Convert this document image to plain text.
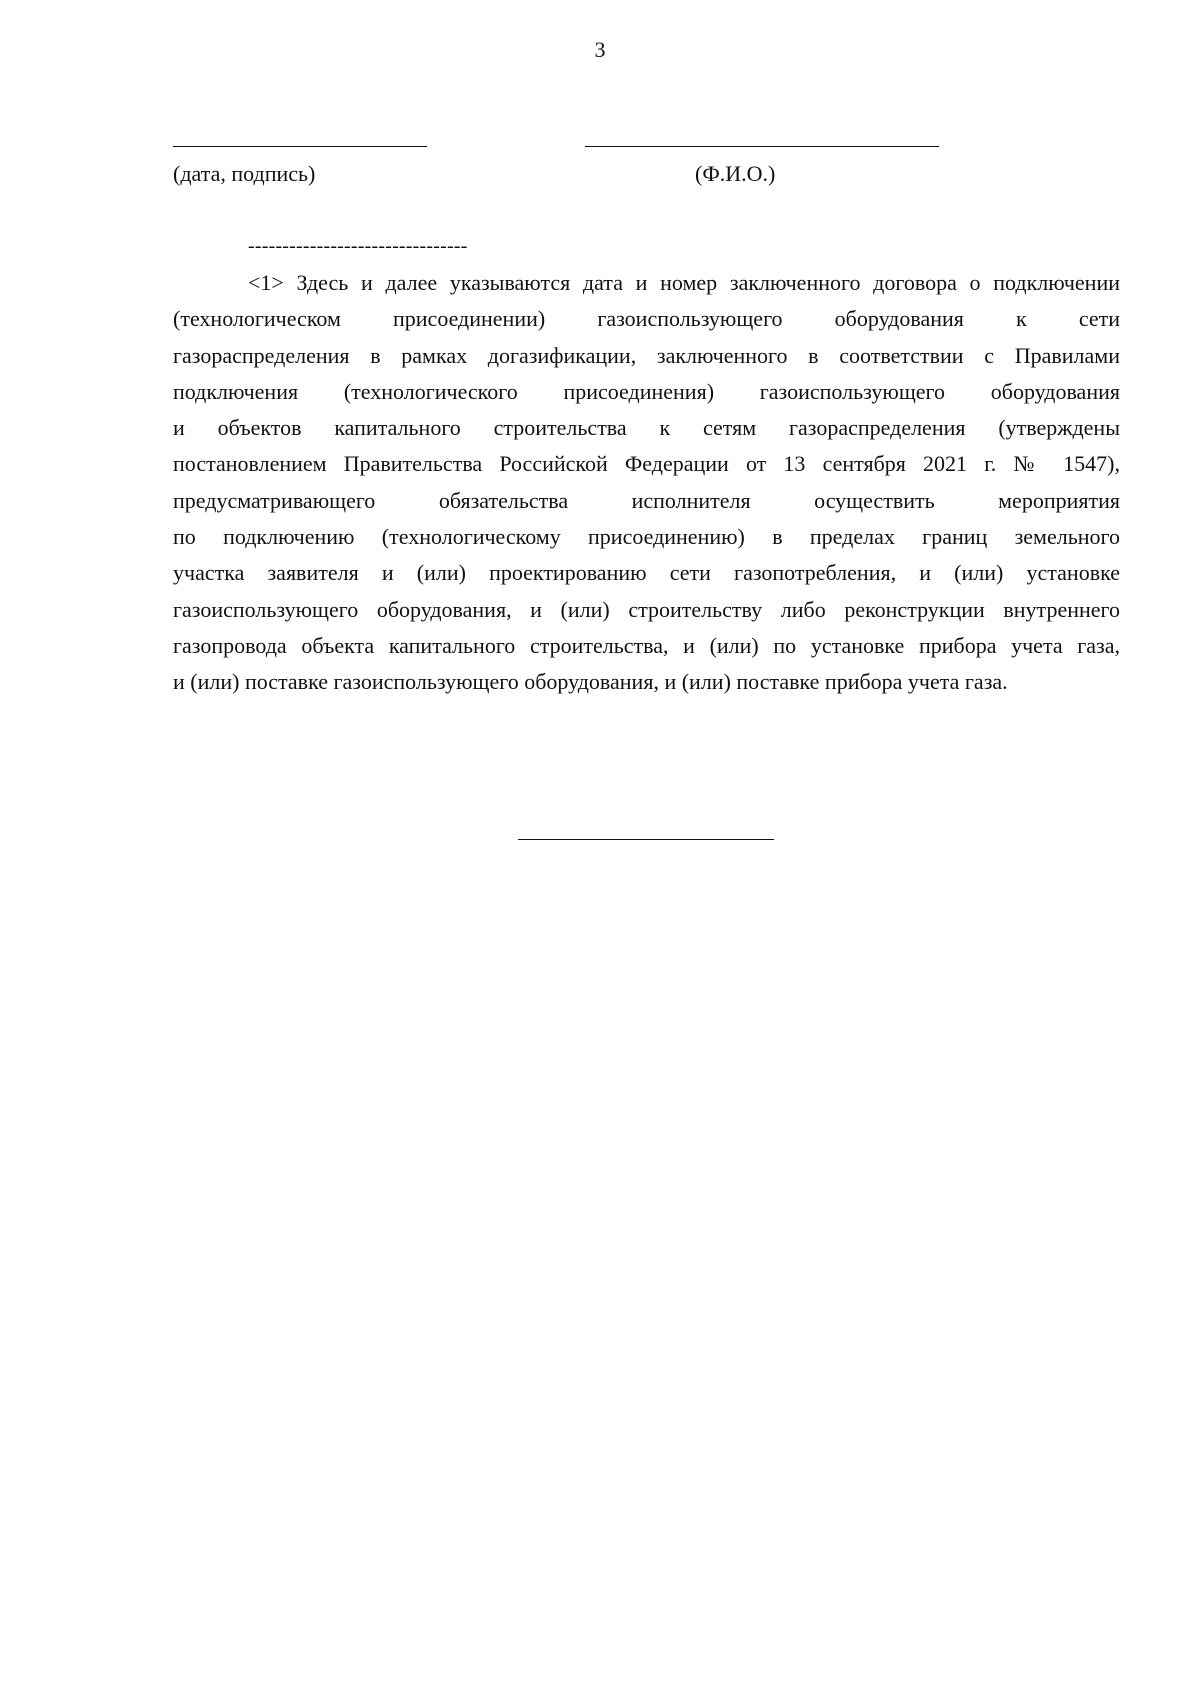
3
(дата, подпись)	(Ф.И.О.)
--------------------------------
<1> Здесь и далее указываются дата и номер заключенного договора о подключении
(технологическом присоединении) газоиспользующего оборудования к сети
газораспределения в рамках догазификации, заключенного в соответствии с Правилами
подключения (технологического присоединения) газоиспользующего оборудования
и объектов капитального строительства к сетям газораспределения (утверждены
постановлением Правительства Российской Федерации от 13 сентября 2021 г. № 1547),
предусматривающего обязательства исполнителя осуществить мероприятия
по подключению (технологическому присоединению) в пределах границ земельного
участка заявителя и (или) проектированию сети газопотребления, и (или) установке
газоиспользующего оборудования, и (или) строительству либо реконструкции внутреннего
газопровода объекта капитального строительства, и (или) по установке прибора учета газа,
и (или) поставке газоиспользующего оборудования, и (или) поставке прибора учета газа.
